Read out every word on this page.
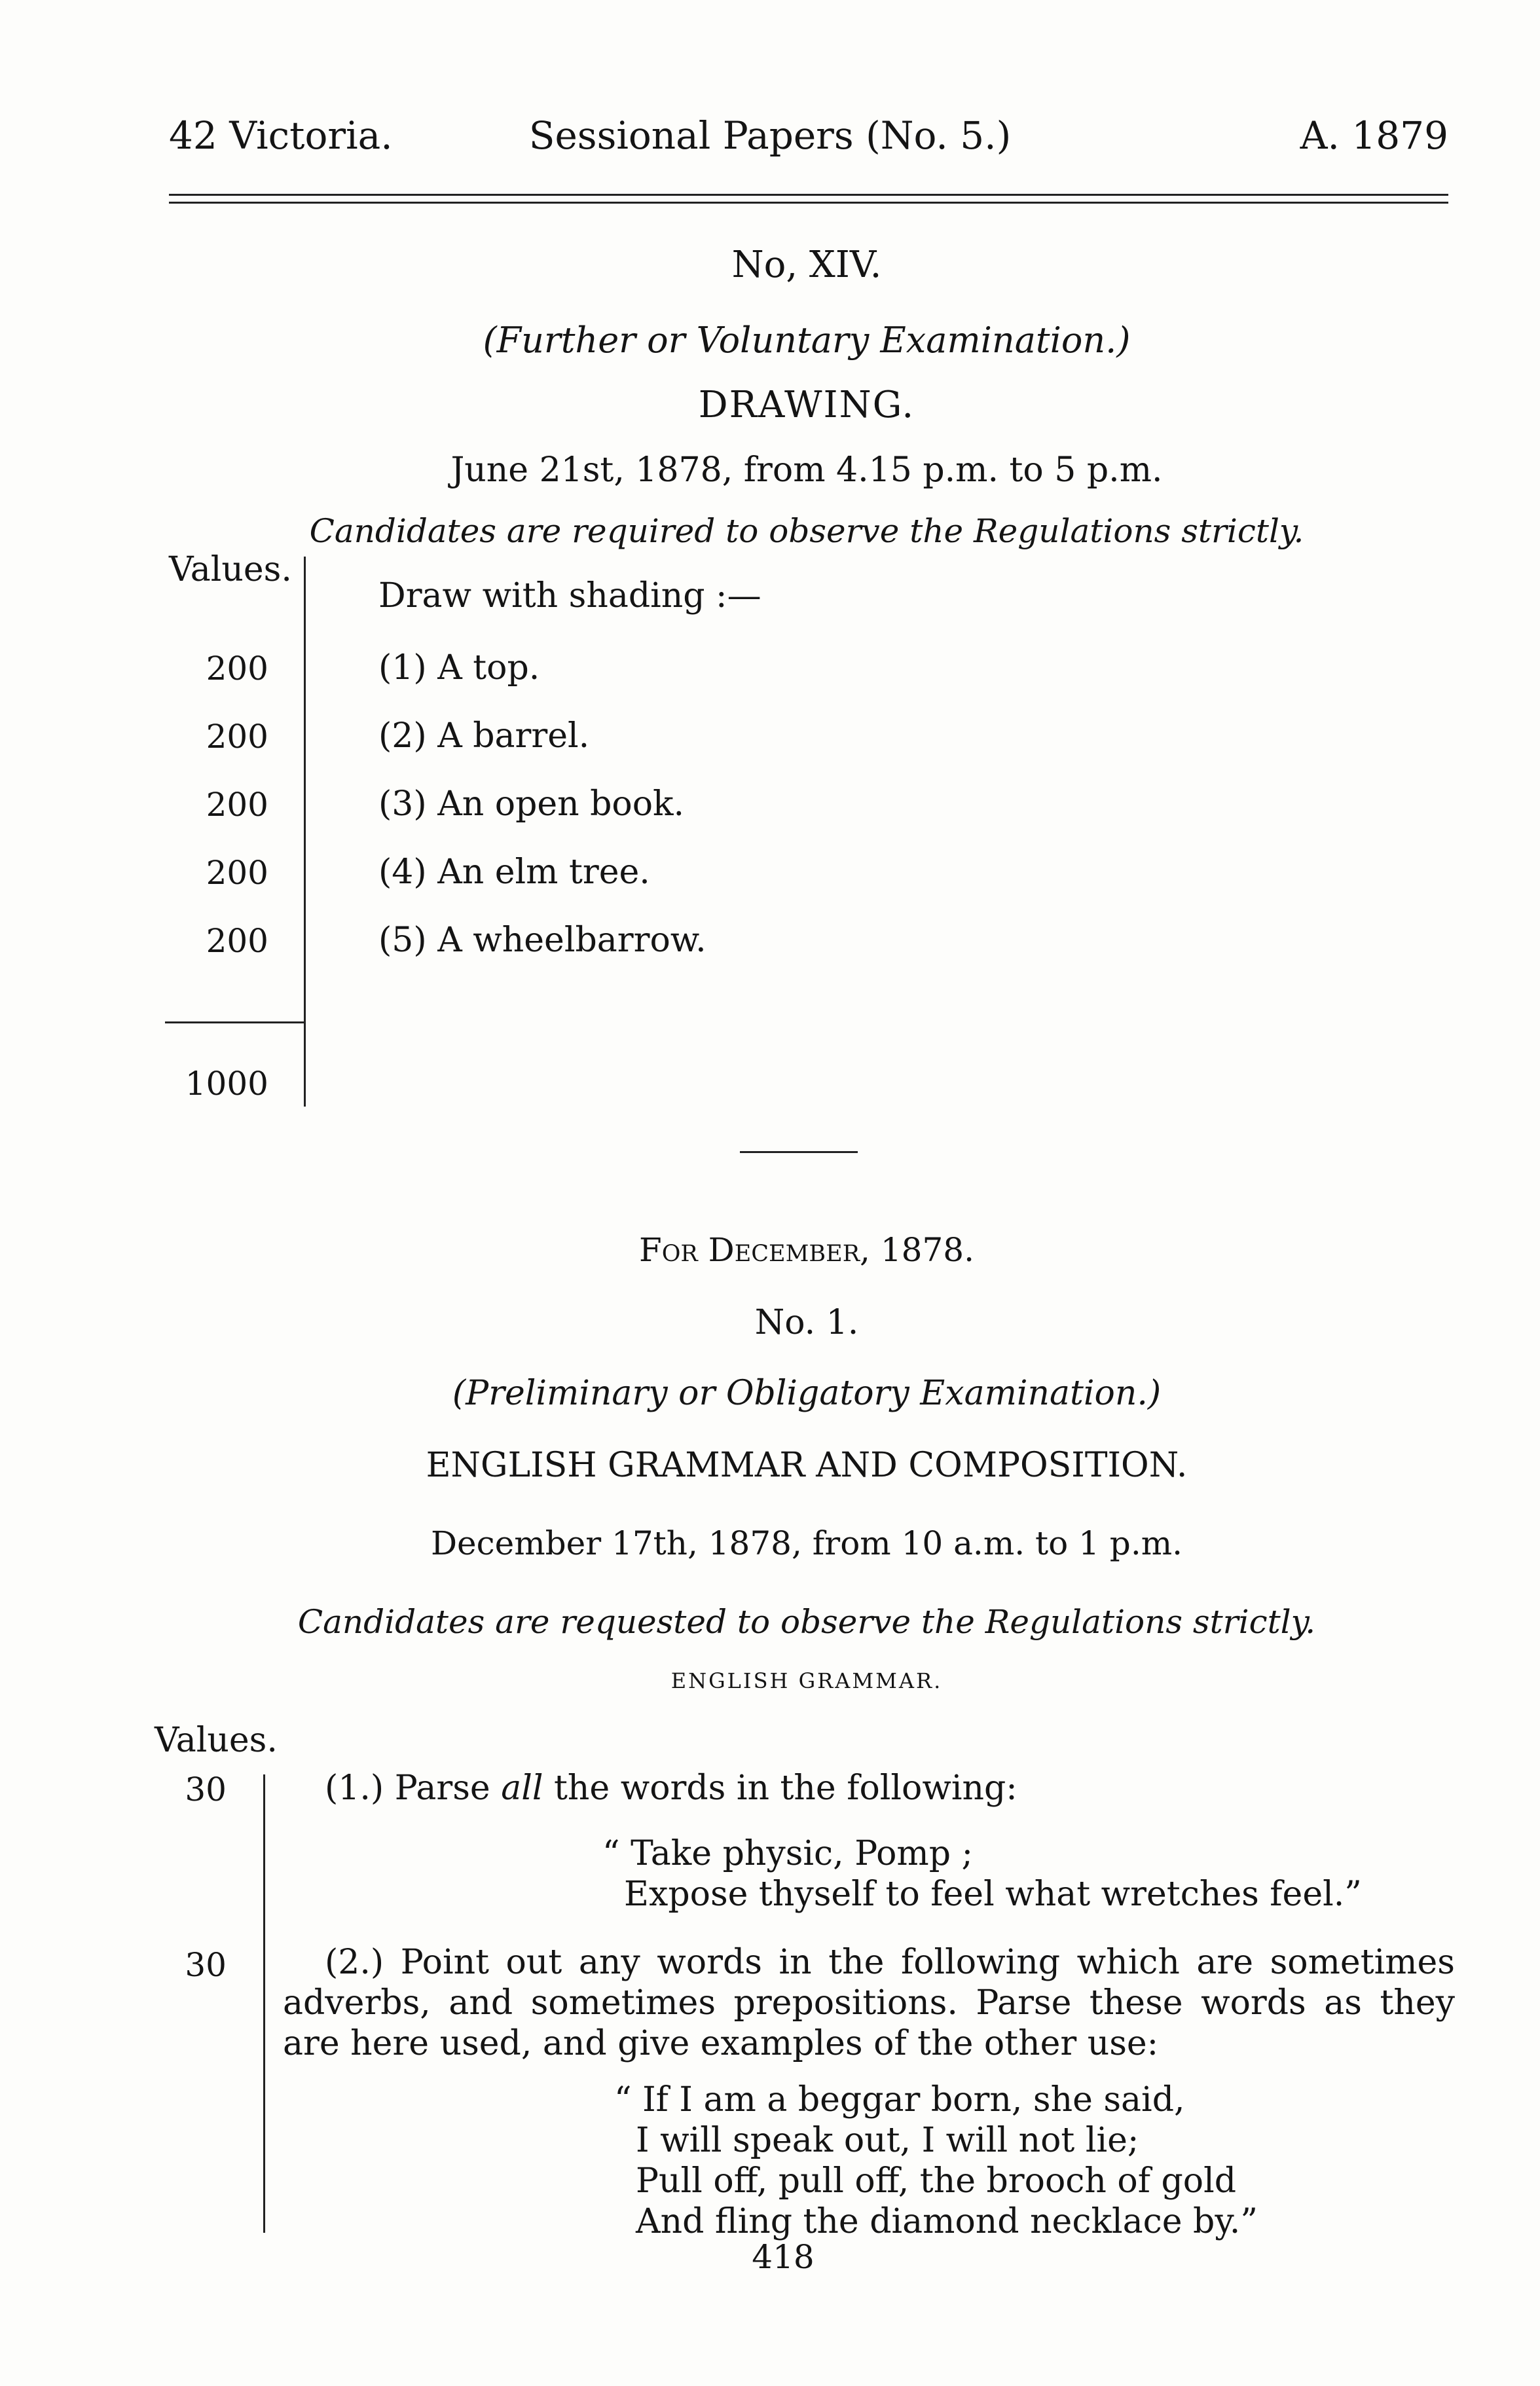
42 Victoria.	Sessional Papers (No. 5.)	A. 1879
No, XIV.
(Further or Voluntary Examination.)
DRAWING.
June 21st, 1878, from 4.15 p.m. to 5 p.m.
Candidates are required to observe the Regulations strictly.
Values.
Draw with shading :—
200	(1) A top.
200	(2) A barrel.
200	(3) An open book.
200	(4) An elm tree.
200	(5) A wheelbarrow.
1000
For December, 1878.
No. 1.
(Preliminary or Obligatory Examination.)
ENGLISH GRAMMAR AND COMPOSITION.
December 17th, 1878, from 10 a.m. to 1 p.m.
Candidates are requested to observe the Regulations strictly.
ENGLISH GRAMMAR.
Values.
30	(1.) Parse all the words in the following:
“ Take physic, Pomp ;
Expose thyself to feel what wretches feel.”
30	(2.) Point out any words in the following which are sometimes adverbs, and sometimes prepositions. Parse these words as they are here used, and give examples of the other use:
“ If I am a beggar born, she said,
I will speak out, I will not lie;
Pull off, pull off, the brooch of gold
And fling the diamond necklace by.”
418
